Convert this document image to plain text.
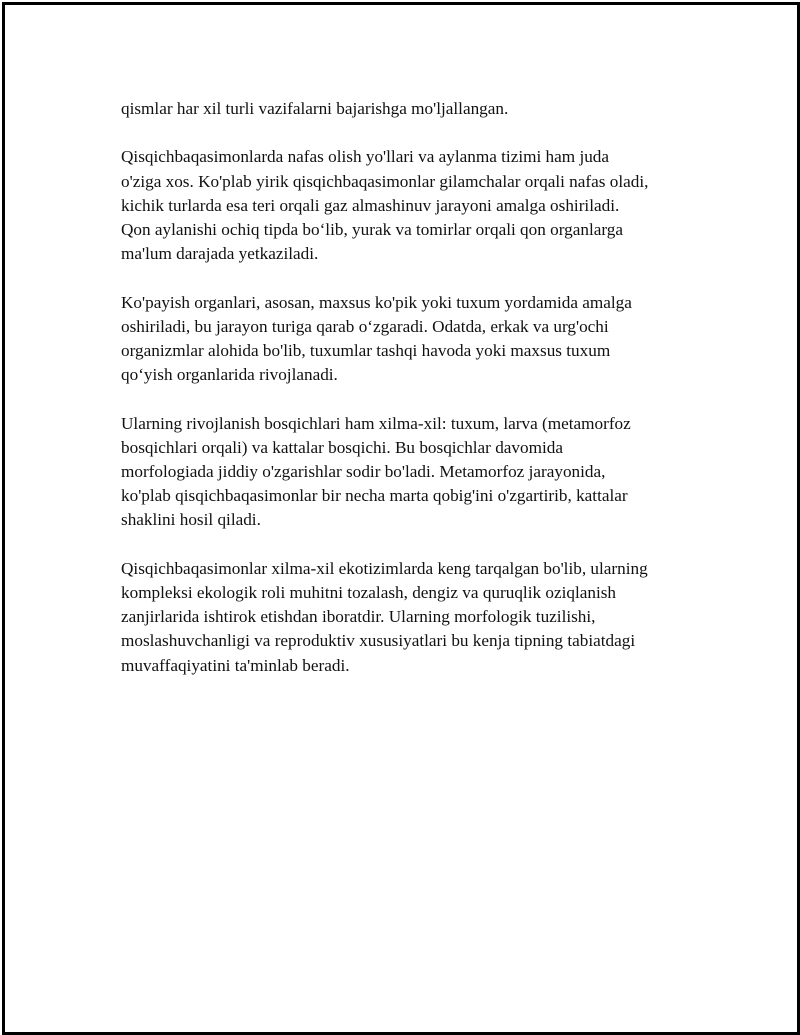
qismlar har xil turli vazifalarni bajarishga mo'ljallangan.

Qisqichbaqasimonlarda nafas olish yo'llari va aylanma tizimi ham juda
o'ziga xos. Ko'plab yirik qisqichbaqasimonlar gilamchalar orqali nafas oladi,
kichik turlarda esa teri orqali gaz almashinuv jarayoni amalga oshiriladi.
Qon aylanishi ochiq tipda bo‘lib, yurak va tomirlar orqali qon organlarga
ma'lum darajada yetkaziladi.

Ko'payish organlari, asosan, maxsus ko'pik yoki tuxum yordamida amalga
oshiriladi, bu jarayon turiga qarab o‘zgaradi. Odatda, erkak va urg'ochi
organizmlar alohida bo'lib, tuxumlar tashqi havoda yoki maxsus tuxum
qo‘yish organlarida rivojlanadi.

Ularning rivojlanish bosqichlari ham xilma-xil: tuxum, larva (metamorfoz
bosqichlari orqali) va kattalar bosqichi. Bu bosqichlar davomida
morfologiada jiddiy o'zgarishlar sodir bo'ladi. Metamorfoz jarayonida,
ko'plab qisqichbaqasimonlar bir necha marta qobig'ini o'zgartirib, kattalar
shaklini hosil qiladi.

Qisqichbaqasimonlar xilma-xil ekotizimlarda keng tarqalgan bo'lib, ularning
kompleksi ekologik roli muhitni tozalash, dengiz va quruqlik oziqlanish
zanjirlarida ishtirok etishdan iboratdir. Ularning morfologik tuzilishi,
moslashuvchanligi va reproduktiv xususiyatlari bu kenja tipning tabiatdagi
muvaffaqiyatini ta'minlab beradi.
